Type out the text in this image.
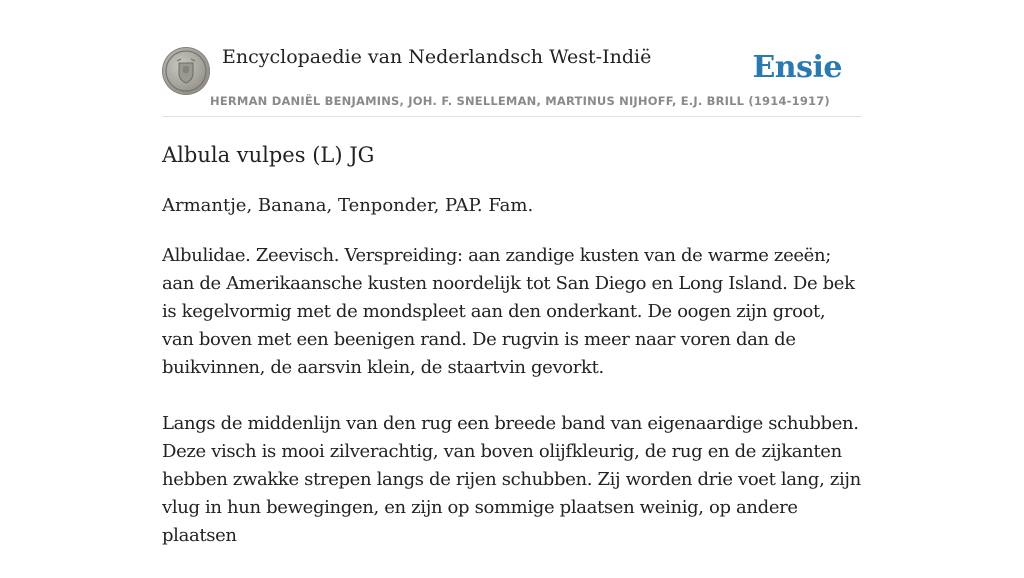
Encyclopaedie van Nederlandsch West-Indië	Ensie
HERMAN DANIËL BENJAMINS, JOH. F. SNELLEMAN, MARTINUS NIJHOFF, E.J. BRILL (1914-1917)
Albula vulpes (L) JG

Armantje, Banana, Tenponder, PAP. Fam.

Albulidae. Zeevisch. Verspreiding: aan zandige kusten van de warme zeeën; aan de Amerikaansche kusten noordelijk tot San Diego en Long Island. De bek is kegelvormig met de mondspleet aan den onderkant. De oogen zijn groot, van boven met een beenigen rand. De rugvin is meer naar voren dan de buikvinnen, de aarsvin klein, de staartvin gevorkt.

Langs de middenlijn van den rug een breede band van eigenaardige schubben. Deze visch is mooi zilverachtig, van boven olijfkleurig, de rug en de zijkanten hebben zwakke strepen langs de rijen schubben. Zij worden drie voet lang, zijn vlug in hun bewegingen, en zijn op sommige plaatsen weinig, op andere plaatsen
